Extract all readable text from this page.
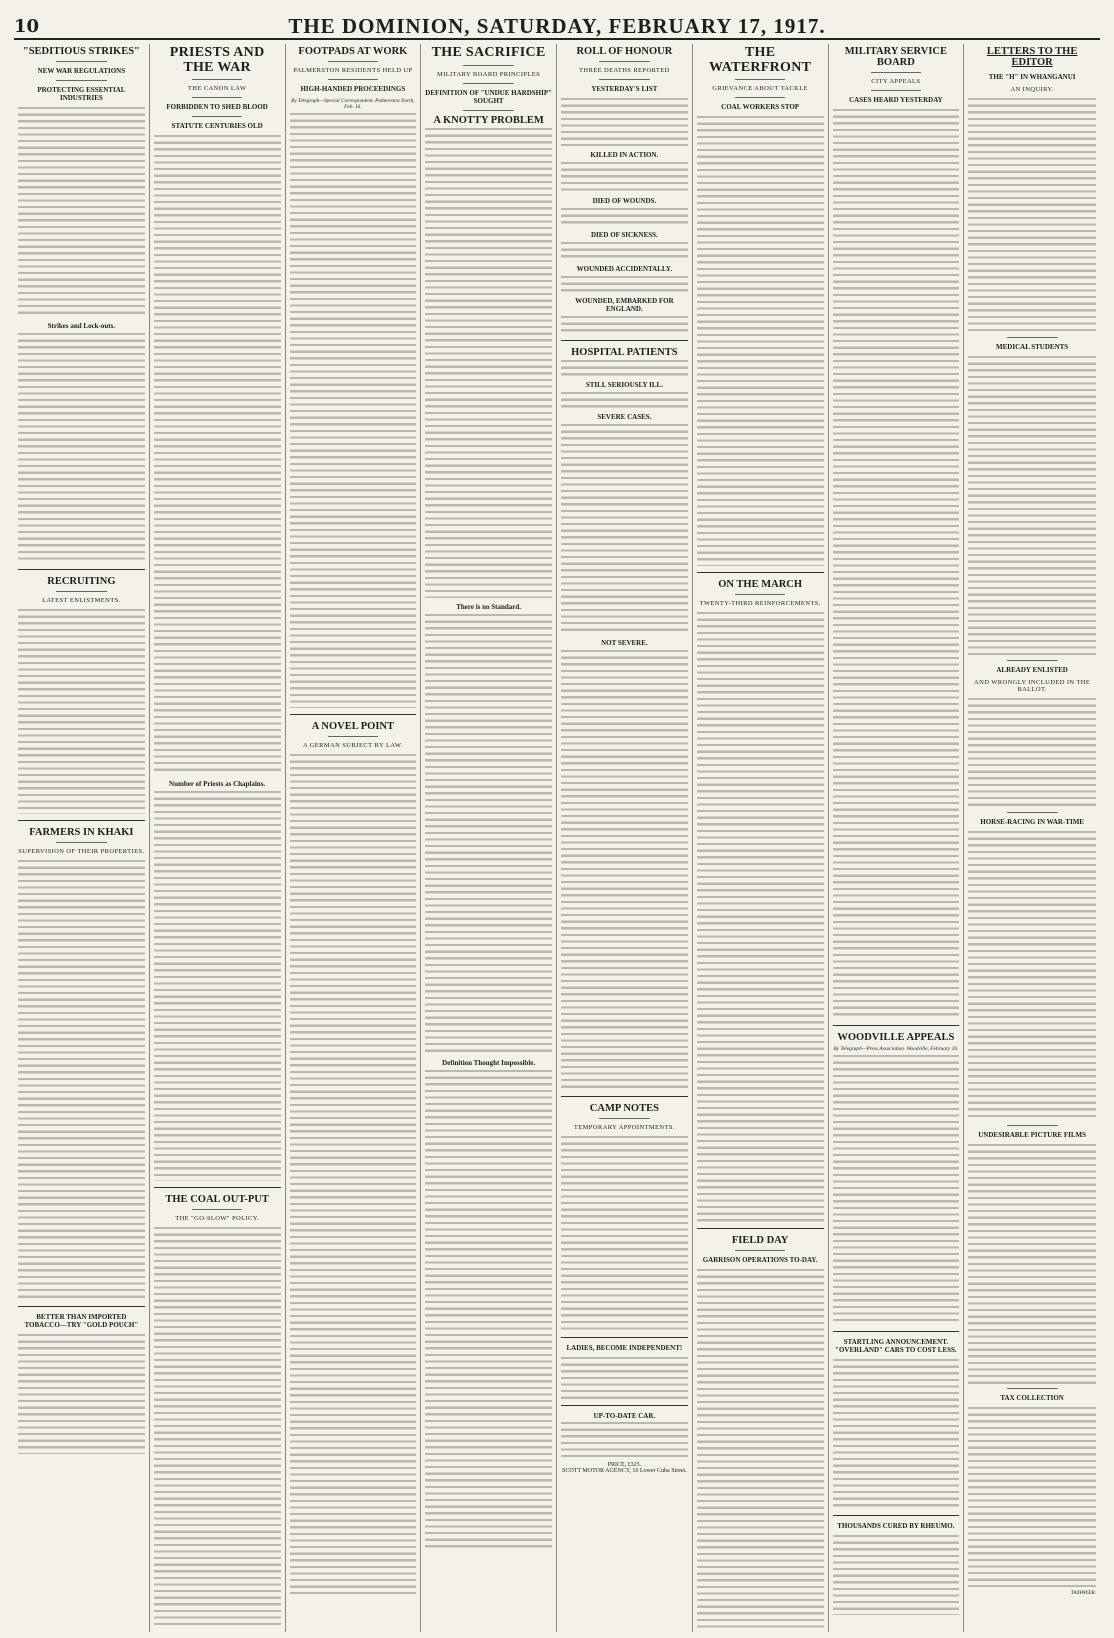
10	THE DOMINION, SATURDAY, FEBRUARY 17, 1917.
"SEDITIOUS STRIKES"
NEW WAR REGULATIONS
PROTECTING ESSENTIAL INDUSTRIES
Strikes and Lock-outs.
RECRUITING
LATEST ENLISTMENTS.
FARMERS IN KHAKI
SUPERVISION OF THEIR PROPERTIES.
BETTER THAN IMPORTED TOBACCO—TRY "GOLD POUCH"
PRIESTS AND THE WAR
THE CANON LAW
FORBIDDEN TO SHED BLOOD
STATUTE CENTURIES OLD
Number of Priests as Chaplains.
THE COAL OUT-PUT
THE "GO-SLOW" POLICY.
FOOTPADS AT WORK
PALMERSTON RESIDENTS HELD UP
HIGH-HANDED PROCEEDINGS
By Telegraph—Special Correspondent. Palmerston North, Feb. 16.
A NOVEL POINT
A GERMAN SUBJECT BY LAW.
THE SACRIFICE
MILITARY BOARD PRINCIPLES
DEFINITION OF "UNDUE HARDSHIP" SOUGHT
A KNOTTY PROBLEM
There is no Standard.
Definition Thought Impossible.
ROLL OF HONOUR
THREE DEATHS REPORTED
YESTERDAY'S LIST
KILLED IN ACTION.
DIED OF WOUNDS.
DIED OF SICKNESS.
WOUNDED ACCIDENTALLY.
WOUNDED, EMBARKED FOR ENGLAND.
HOSPITAL PATIENTS
STILL SERIOUSLY ILL.
SEVERE CASES.
NOT SEVERE.
CAMP NOTES
TEMPORARY APPOINTMENTS.
LADIES, BECOME INDEPENDENT!
UP-TO-DATE CAR.
PRICE, £325.
SCOTT MOTOR AGENCY, 10 Lower Cuba Street.
THE WATERFRONT
GRIEVANCE ABOUT TACKLE
COAL WORKERS STOP
ON THE MARCH
TWENTY-THIRD REINFORCEMENTS.
FIELD DAY
GARRISON OPERATIONS TO-DAY.
MILITARY SERVICE BOARD
CITY APPEALS
CASES HEARD YESTERDAY
WOODVILLE APPEALS
By Telegraph—Press Association. Woodville, February 16.
STARTLING ANNOUNCEMENT. "OVERLAND" CARS TO COST LESS.
THOUSANDS CURED BY RHEUMO.
LETTERS TO THE EDITOR
THE "H" IN WHANGANUI
AN INQUIRY.
MEDICAL STUDENTS
ALREADY ENLISTED
AND WRONGLY INCLUDED IN THE BALLOT.
HORSE-RACING IN WAR-TIME
UNDESIRABLE PICTURE FILMS
TAX COLLECTION
TAXPAYER.
